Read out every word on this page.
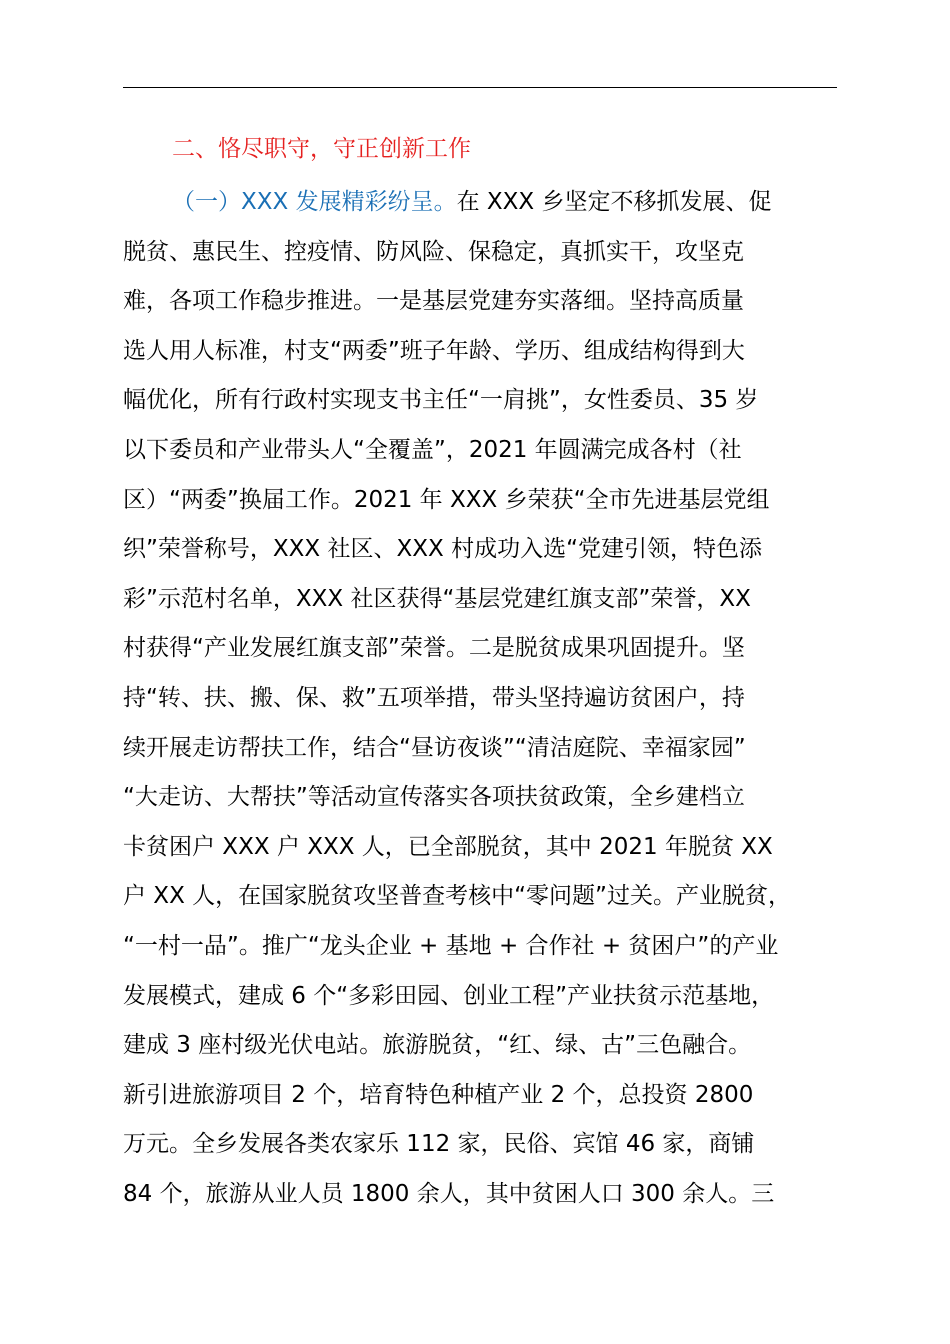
二、恪尽职守，守正创新工作
（一）XXX 发展精彩纷呈。在 XXX 乡坚定不移抓发展、促
脱贫、惠民生、控疫情、防风险、保稳定，真抓实干，攻坚克
难，各项工作稳步推进。一是基层党建夯实落细。坚持高质量
选人用人标准，村支“两委”班子年龄、学历、组成结构得到大
幅优化，所有行政村实现支书主任“一肩挑”，女性委员、35 岁
以下委员和产业带头人“全覆盖”，2021 年圆满完成各村（社
区）“两委”换届工作。2021 年 XXX 乡荣获“全市先进基层党组
织”荣誉称号，XXX 社区、XXX 村成功入选“党建引领，特色添
彩”示范村名单，XXX 社区获得“基层党建红旗支部”荣誉，XX
村获得“产业发展红旗支部”荣誉。二是脱贫成果巩固提升。坚
持“转、扶、搬、保、救”五项举措，带头坚持遍访贫困户，持
续开展走访帮扶工作，结合“昼访夜谈”“清洁庭院、幸福家园”
“大走访、大帮扶”等活动宣传落实各项扶贫政策，全乡建档立
卡贫困户 XXX 户 XXX 人，已全部脱贫，其中 2021 年脱贫 XX
户 XX 人，在国家脱贫攻坚普查考核中“零问题”过关。产业脱贫，
“一村一品”。推广“龙头企业 + 基地 + 合作社 + 贫困户”的产业
发展模式，建成 6 个“多彩田园、创业工程”产业扶贫示范基地，
建成 3 座村级光伏电站。旅游脱贫，“红、绿、古”三色融合。
新引进旅游项目 2 个，培育特色种植产业 2 个，总投资 2800
万元。全乡发展各类农家乐 112 家，民俗、宾馆 46 家，商铺
84 个，旅游从业人员 1800 余人，其中贫困人口 300 余人。三
